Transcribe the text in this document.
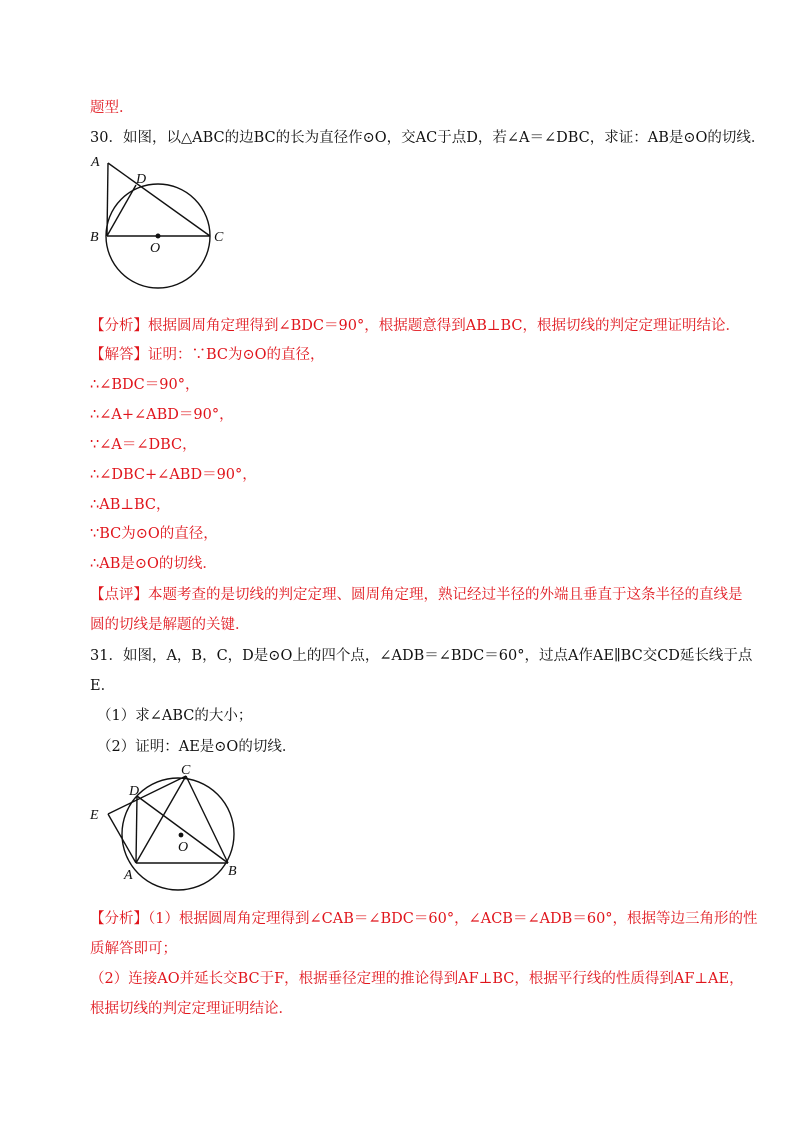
题型．
30．如图，以△ABC的边BC的长为直径作⊙O，交AC于点D，若∠A＝∠DBC，求证：AB是⊙O的切线．
A
D
B	C
O
【分析】根据圆周角定理得到∠BDC＝90°，根据题意得到AB⊥BC，根据切线的判定定理证明结论．
【解答】证明：∵BC为⊙O的直径，
∴∠BDC＝90°，
∴∠A+∠ABD＝90°，
∵∠A＝∠DBC，
∴∠DBC+∠ABD＝90°，
∴AB⊥BC，
∵BC为⊙O的直径，
∴AB是⊙O的切线．
【点评】本题考查的是切线的判定定理、圆周角定理，熟记经过半径的外端且垂直于这条半径的直线是
圆的切线是解题的关键．
31．如图，A，B，C，D是⊙O上的四个点，∠ADB＝∠BDC＝60°，过点A作AE∥BC交CD延长线于点
E．
（1）求∠ABC的大小；
（2）证明：AE是⊙O的切线．
E
D
C
O
A	B
【分析】（1）根据圆周角定理得到∠CAB＝∠BDC＝60°，∠ACB＝∠ADB＝60°，根据等边三角形的性
质解答即可；
（2）连接AO并延长交BC于F，根据垂径定理的推论得到AF⊥BC，根据平行线的性质得到AF⊥AE，
根据切线的判定定理证明结论．
